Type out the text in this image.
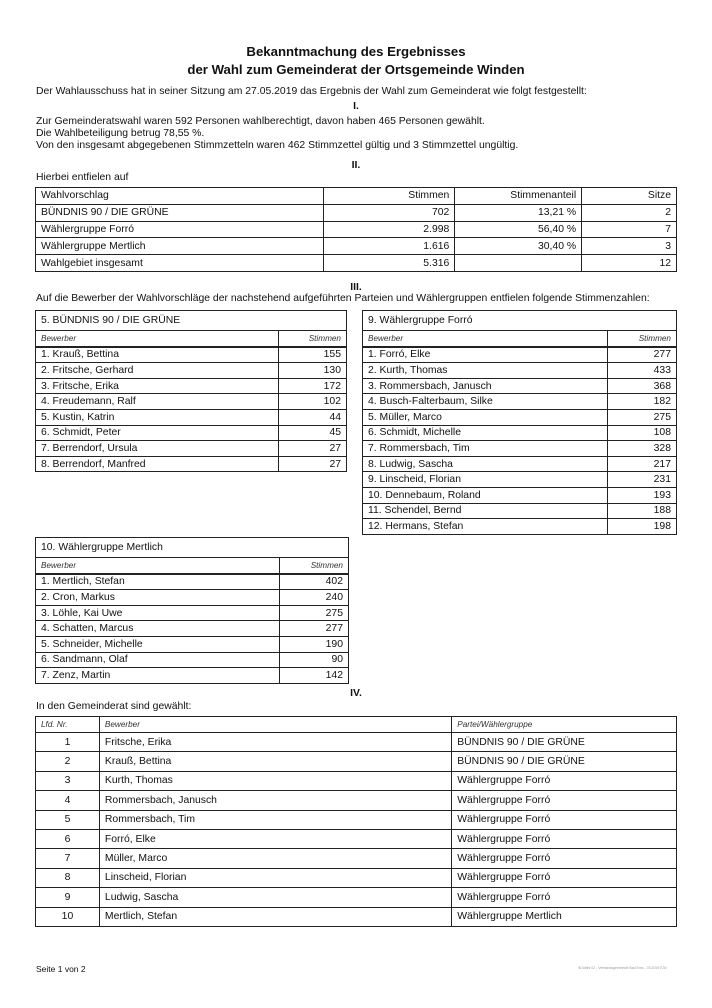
Bekanntmachung des Ergebnisses
der Wahl zum Gemeinderat der Ortsgemeinde Winden
Der Wahlausschuss hat in seiner Sitzung am 27.05.2019 das Ergebnis der Wahl zum Gemeinderat wie folgt festgestellt:
I.
Zur Gemeinderatswahl waren 592 Personen wahlberechtigt, davon haben 465 Personen gewählt.
Die Wahlbeteiligung betrug 78,55 %.
Von den insgesamt abgegebenen Stimmzetteln waren 462 Stimmzettel gültig und 3 Stimmzettel ungültig.
II.
Hierbei entfielen auf
Wahlvorschlag	Stimmen	Stimmenanteil	Sitze
BÜNDNIS 90 / DIE GRÜNE	702	13,21 %	2
Wählergruppe Forró	2.998	56,40 %	7
Wählergruppe Mertlich	1.616	30,40 %	3
Wahlgebiet insgesamt	5.316		12
III.
Auf die Bewerber der Wahlvorschläge der nachstehend aufgeführten Parteien und Wählergruppen entfielen folgende Stimmenzahlen:
5. BÜNDNIS 90 / DIE GRÜNE	
Bewerber	Stimmen
1. Krauß, Bettina	155
2. Fritsche, Gerhard	130
3. Fritsche, Erika	172
4. Freudemann, Ralf	102
5. Kustin, Katrin	44
6. Schmidt, Peter	45
7. Berrendorf, Ursula	27
8. Berrendorf, Manfred	27
9. Wählergruppe Forró	
Bewerber	Stimmen
1. Forró, Elke	277
2. Kurth, Thomas	433
3. Rommersbach, Janusch	368
4. Busch-Falterbaum, Silke	182
5. Müller, Marco	275
6. Schmidt, Michelle	108
7. Rommersbach, Tim	328
8. Ludwig, Sascha	217
9. Linscheid, Florian	231
10. Dennebaum, Roland	193
11. Schendel, Bernd	188
12. Hermans, Stefan	198
10. Wählergruppe Mertlich	
Bewerber	Stimmen
1. Mertlich, Stefan	402
2. Cron, Markus	240
3. Löhle, Kai Uwe	275
4. Schatten, Marcus	277
5. Schneider, Michelle	190
6. Sandmann, Olaf	90
7. Zenz, Martin	142
IV.
In den Gemeinderat sind gewählt:
Lfd. Nr.	Bewerber	Partei/Wählergruppe
1	Fritsche, Erika	BÜNDNIS 90 / DIE GRÜNE
2	Krauß, Bettina	BÜNDNIS 90 / DIE GRÜNE
3	Kurth, Thomas	Wählergruppe Forró
4	Rommersbach, Janusch	Wählergruppe Forró
5	Rommersbach, Tim	Wählergruppe Forró
6	Forró, Elke	Wählergruppe Forró
7	Müller, Marco	Wählergruppe Forró
8	Linscheid, Florian	Wählergruppe Forró
9	Ludwig, Sascha	Wählergruppe Forró
10	Mertlich, Stefan	Wählergruppe Mertlich
Seite 1 von 2	W-Wahl 02 - Verbandsgemeinde Bad Ems - 03.2019 E30
